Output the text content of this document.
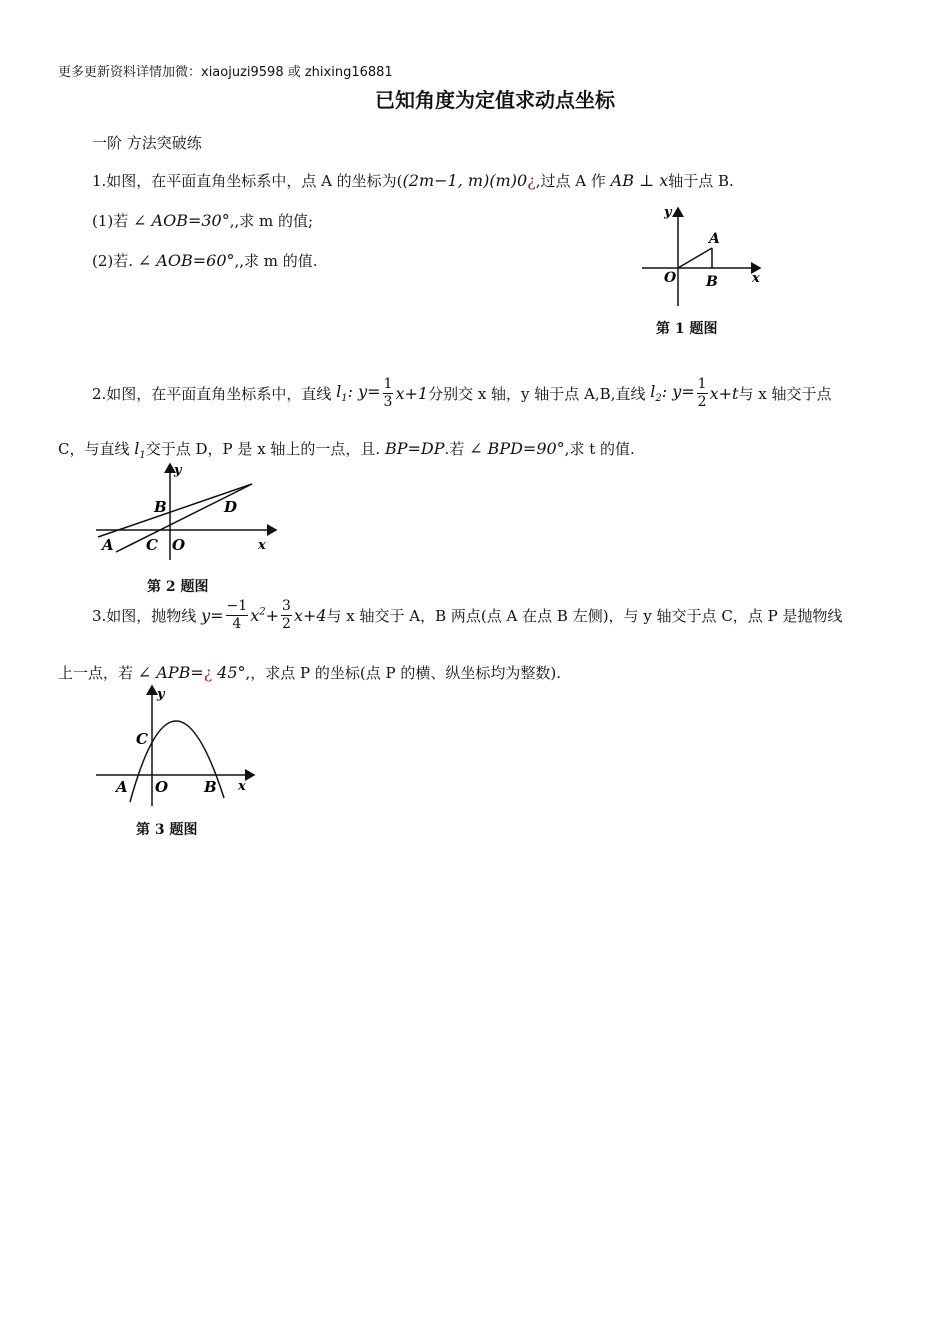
更多更新资料详情加微：xiaojuzi9598 或 zhixing16881
已知角度为定值求动点坐标
一阶 方法突破练
1.如图，在平面直角坐标系中，点 A 的坐标为((2m−1, m)(m)0¿,过点 A 作 AB ⊥ x轴于点 B.
(1)若 ∠ AOB=30°,,求 m 的值;
(2)若. ∠ AOB=60°,,求 m 的值.
y
x
O
A
B
第 1 题图
2.如图，在平面直角坐标系中，直线 $l_1$: $y= \frac{1}{3} x+1$分别交 x 轴，y 轴于点 A,B,直线 $l_2$: $y= \frac{1}{2} x+t$与 x 轴交于点
C，与直线 $l_1$交于点 D，P 是 x 轴上的一点，且. BP=DP.若 ∠ BPD=90°,求 t 的值.
y
x
O
A
B
C
D
第 2 题图
3.如图，抛物线 $y= \frac{-1}{4} x^2+ \frac{3}{2} x+4$与 x 轴交于 A，B 两点(点 A 在点 B 左侧)，与 y 轴交于点 C，点 P 是抛物线
上一点，若 ∠ APB=¿ 45°,，求点 P 的坐标(点 P 的横、纵坐标均为整数).
y
x
O
A	B
C
第 3 题图
